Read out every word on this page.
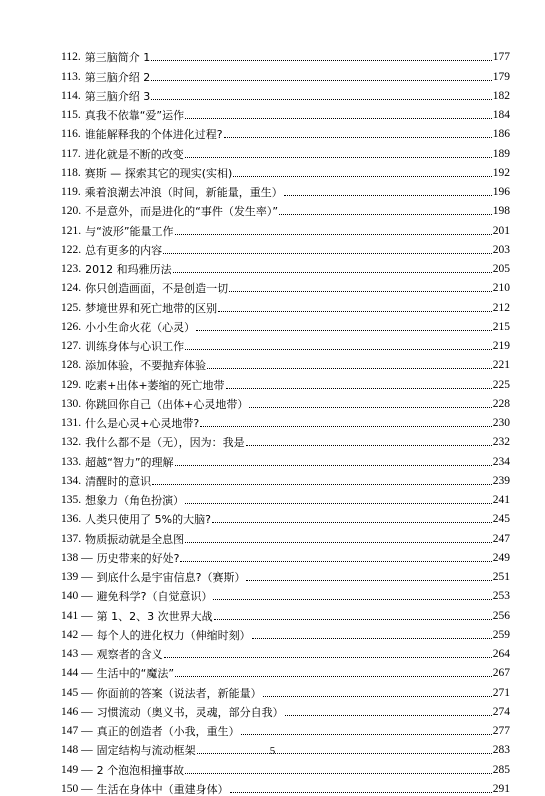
112. 第三脑简介 1	177
113. 第三脑介绍 2	179
114. 第三脑介绍 3	182
115. 真我不依靠“爱”运作	184
116. 谁能解释我的个体进化过程?	186
117. 进化就是不断的改变	189
118. 赛斯 — 探索其它的现实(实相)	192
119. 乘着浪潮去冲浪（时间，新能量，重生）	196
120. 不是意外，而是进化的“事件（发生率）”	198
121. 与“波形”能量工作	201
122. 总有更多的内容	203
123. 2012 和玛雅历法	205
124. 你只创造画面，不是创造一切	210
125. 梦境世界和死亡地带的区别	212
126. 小小生命火花（心灵）	215
127. 训练身体与心识工作	219
128. 添加体验，不要抛弃体验	221
129. 吃素+出体+萎缩的死亡地带	225
130. 你跳回你自己（出体+心灵地带）	228
131. 什么是心灵+心灵地带?	230
132. 我什么都不是（无），因为：我是	232
133. 超越“智力”的理解	234
134. 清醒时的意识	239
135. 想象力（角色扮演）	241
136. 人类只使用了 5%的大脑?	245
137. 物质振动就是全息图	247
138 — 历史带来的好处?	249
139 — 到底什么是宇宙信息?（赛斯）	251
140 — 避免科学?（自觉意识）	253
141 — 第 1、2、3 次世界大战	256
142 — 每个人的进化权力（伸缩时刻）	259
143 — 观察者的含义	264
144 — 生活中的“魔法”	267
145 — 你面前的答案（说法者，新能量）	271
146 — 习惯流动（奥义书，灵魂，部分自我）	274
147 — 真正的创造者（小我，重生）	277
148 — 固定结构与流动框架	283
149 — 2 个泡泡相撞事故	285
150 — 生活在身体中（重建身体）	291
5
